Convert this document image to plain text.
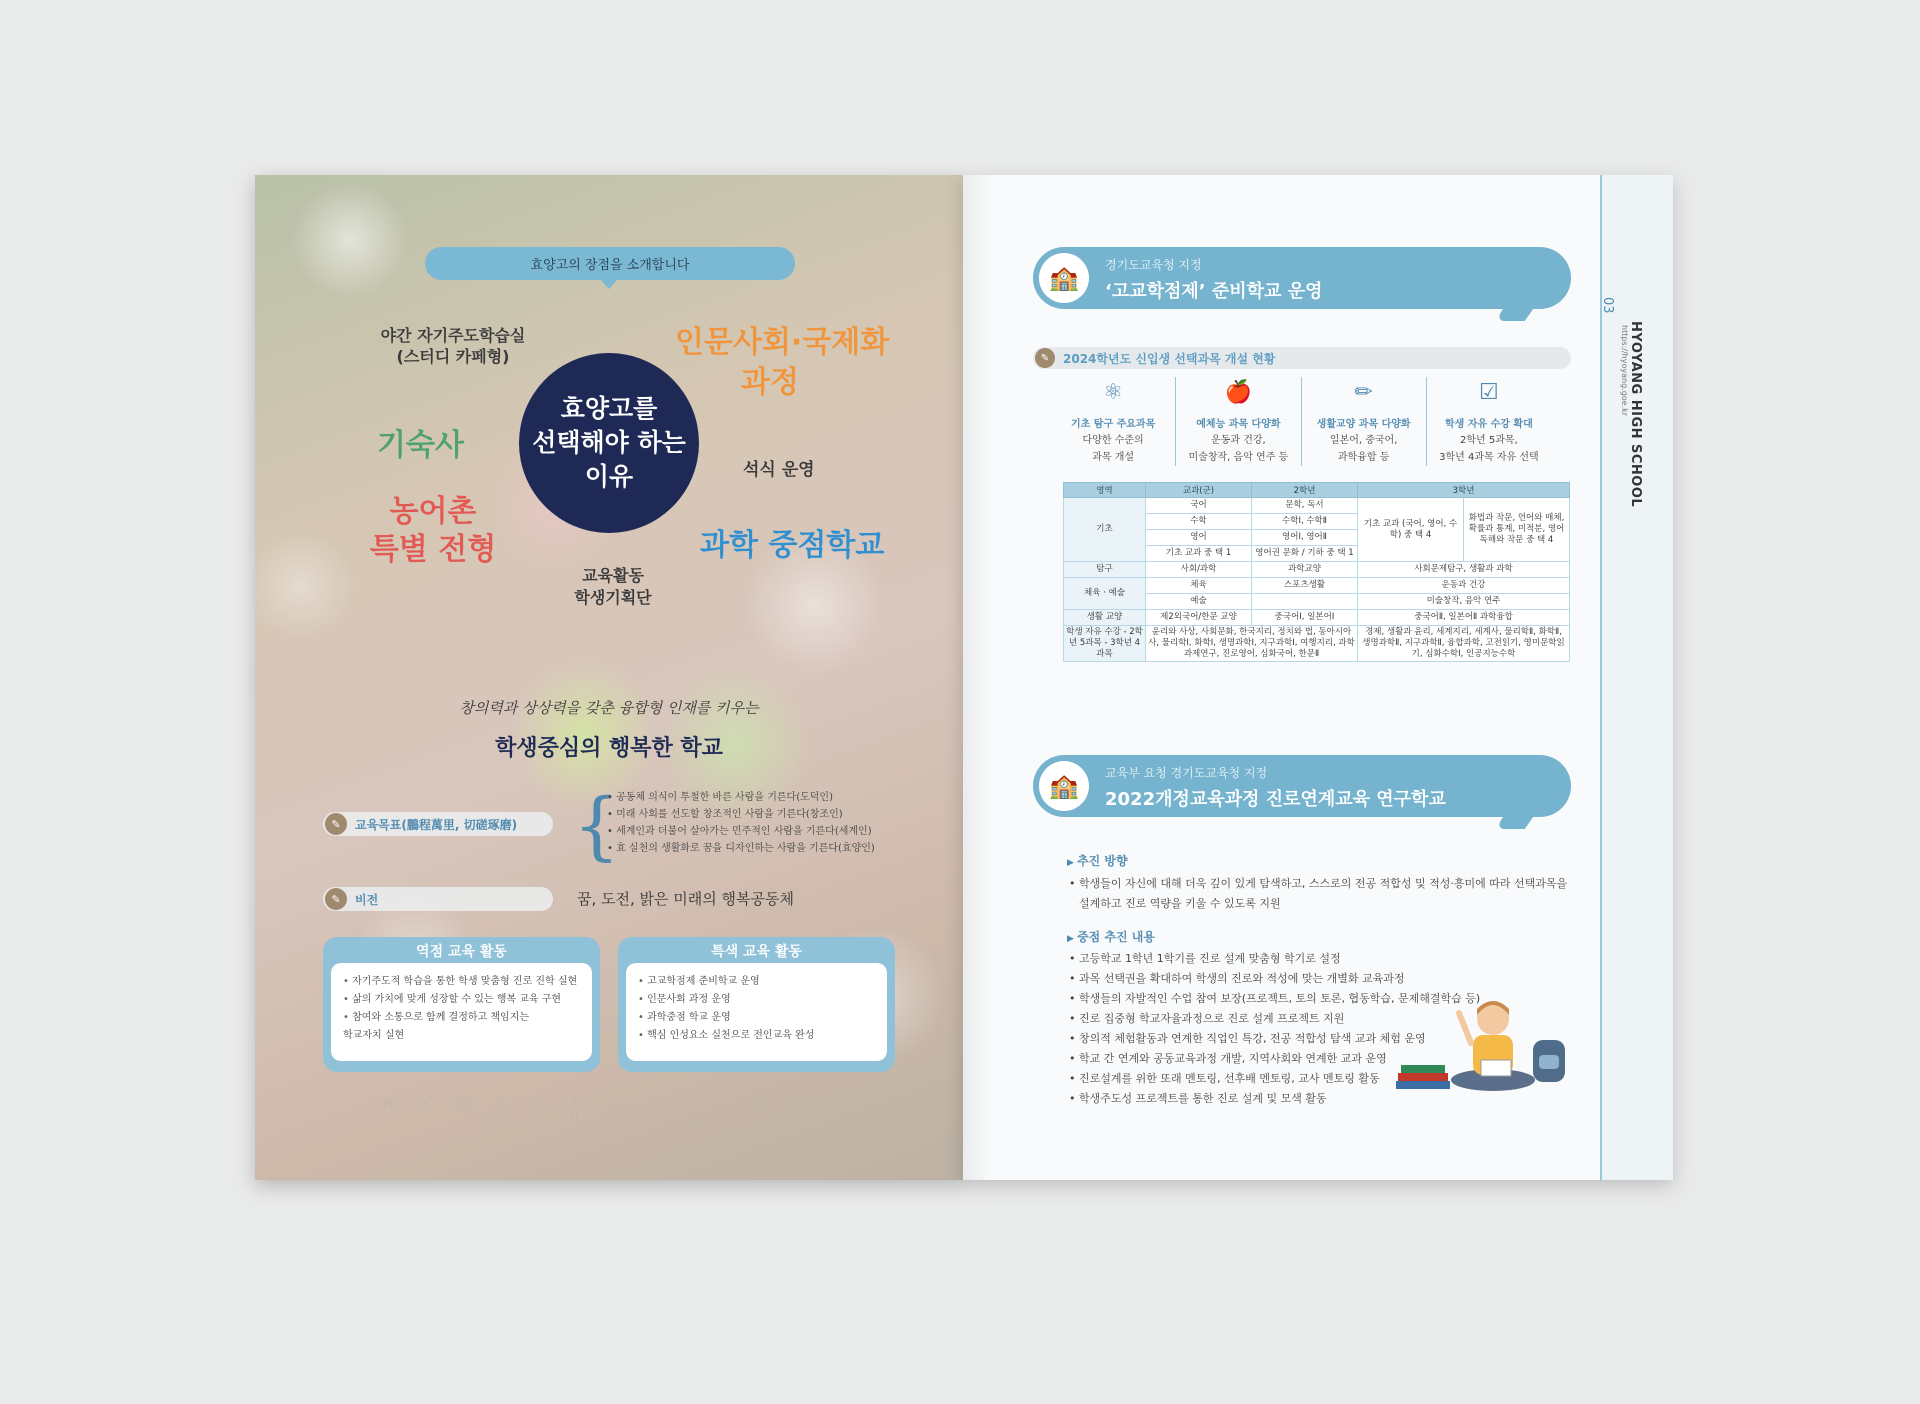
효양고의 장점을 소개합니다
효양고를
선택해야 하는
이유
야간 자기주도학습실
(스터디 카페형)
기숙사
농어촌
특별 전형
인문사회·국제화
과정
석식 운영
과학 중점학교
교육활동
학생기획단
창의력과 상상력을 갖춘 융합형 인재를 키우는
학생중심의 행복한 학교
✎	교육목표(鵬程萬里, 切磋琢磨) {
• 공동체 의식이 투철한 바른 사람을 기른다(도덕인)
• 미래 사회를 선도할 창조적인 사람을 기른다(창조인)
• 세계인과 더불어 살아가는 민주적인 사람을 기른다(세계인)
• 효 실천의 생활화로 꿈을 디자인하는 사람을 기른다(효양인)
✎	비전	꿈, 도전, 밝은 미래의 행복공동체
역점 교육 활동
• 자기주도적 학습을 통한 학생 맞춤형 진로 진학 실현
• 삶의 가치에 맞게 성장할 수 있는 행복 교육 구현
• 참여와 소통으로 함께 결정하고 책임지는
학교자치 실현
특색 교육 활동
• 고교학점제 준비학교 운영
• 인문사회 과정 운영
• 과학중점 학교 운영
• 핵심 인성요소 실천으로 전인교육 완성
HYOYANG HIGH SCHOOL
03
HYOYANG HIGH SCHOOL
https://hyoyang.goe.kr
🏫	경기도교육청 지정
‘고교학점제’ 준비학교 운영
✎	2024학년도 신입생 선택과목 개설 현황
⚛
기초 탐구 주요과목
다양한 수준의
과목 개설
🍎
예체능 과목 다양화
운동과 건강,
미술창작, 음악 연주 등
✏
생활교양 과목 다양화
일본어, 중국어,
과학융합 등
☑
학생 자유 수강 확대
2학년 5과목,
3학년 4과목 자유 선택
영역	교과(군)	2학년	3학년	
기초	국어	문학, 독서	기초 교과 (국어, 영어, 수학) 중 택 4	화법과 작문, 언어와 매체, 확률과 통계, 미적분, 영어독해와 작문 중 택 4
	수학	수학Ⅰ, 수학Ⅱ		
	영어	영어Ⅰ, 영어Ⅱ		
	기초 교과 중 택 1	영어권 문화 / 기하 중 택 1		
탐구	사회/과학	과학교양	사회문제탐구, 생활과 과학	
체육 · 예술	체육	스포츠생활	운동과 건강	
	예술		미술창작, 음악 연주	
생활 교양	제2외국어/한문 교양	중국어Ⅰ, 일본어Ⅰ	중국어Ⅱ, 일본어Ⅱ 과학융합	
학생 자유 수강 - 2학년 5과목 - 3학년 4과목	윤리와 사상, 사회문화, 한국지리, 정치와 법, 동아시아사, 물리학Ⅰ, 화학Ⅰ, 생명과학Ⅰ, 지구과학Ⅰ, 여행지리, 과학과제연구, 진로영어, 심화국어, 한문Ⅱ		경제, 생활과 윤리, 세계지리, 세계사, 물리학Ⅱ, 화학Ⅱ, 생명과학Ⅱ, 지구과학Ⅱ, 융합과학, 고전읽기, 영미문학읽기, 심화수학Ⅰ, 인공지능수학	
🏫	교육부 요청 경기도교육청 지정
2022개정교육과정 진로연계교육 연구학교
▶ 추진 방향
• 학생들이 자신에 대해 더욱 깊이 있게 탐색하고, 스스로의 전공 적합성 및 적성·흥미에 따라 선택과목을 설계하고 진로 역량을 키울 수 있도록 지원
▶ 중점 추진 내용
• 고등학교 1학년 1학기를 진로 설계 맞춤형 학기로 설정
• 과목 선택권을 확대하여 학생의 진로와 적성에 맞는 개별화 교육과정
• 학생들의 자발적인 수업 참여 보장(프로젝트, 토의 토론, 협동학습, 문제해결학습 등)
• 진로 집중형 학교자율과정으로 진로 설계 프로젝트 지원
• 창의적 체험활동과 연계한 직업인 특강, 전공 적합성 탐색 교과 체험 운영
• 학교 간 연계와 공동교육과정 개발, 지역사회와 연계한 교과 운영
• 진로설계를 위한 또래 멘토링, 선후배 멘토링, 교사 멘토링 활동
• 학생주도성 프로젝트를 통한 진로 설계 및 모색 활동
